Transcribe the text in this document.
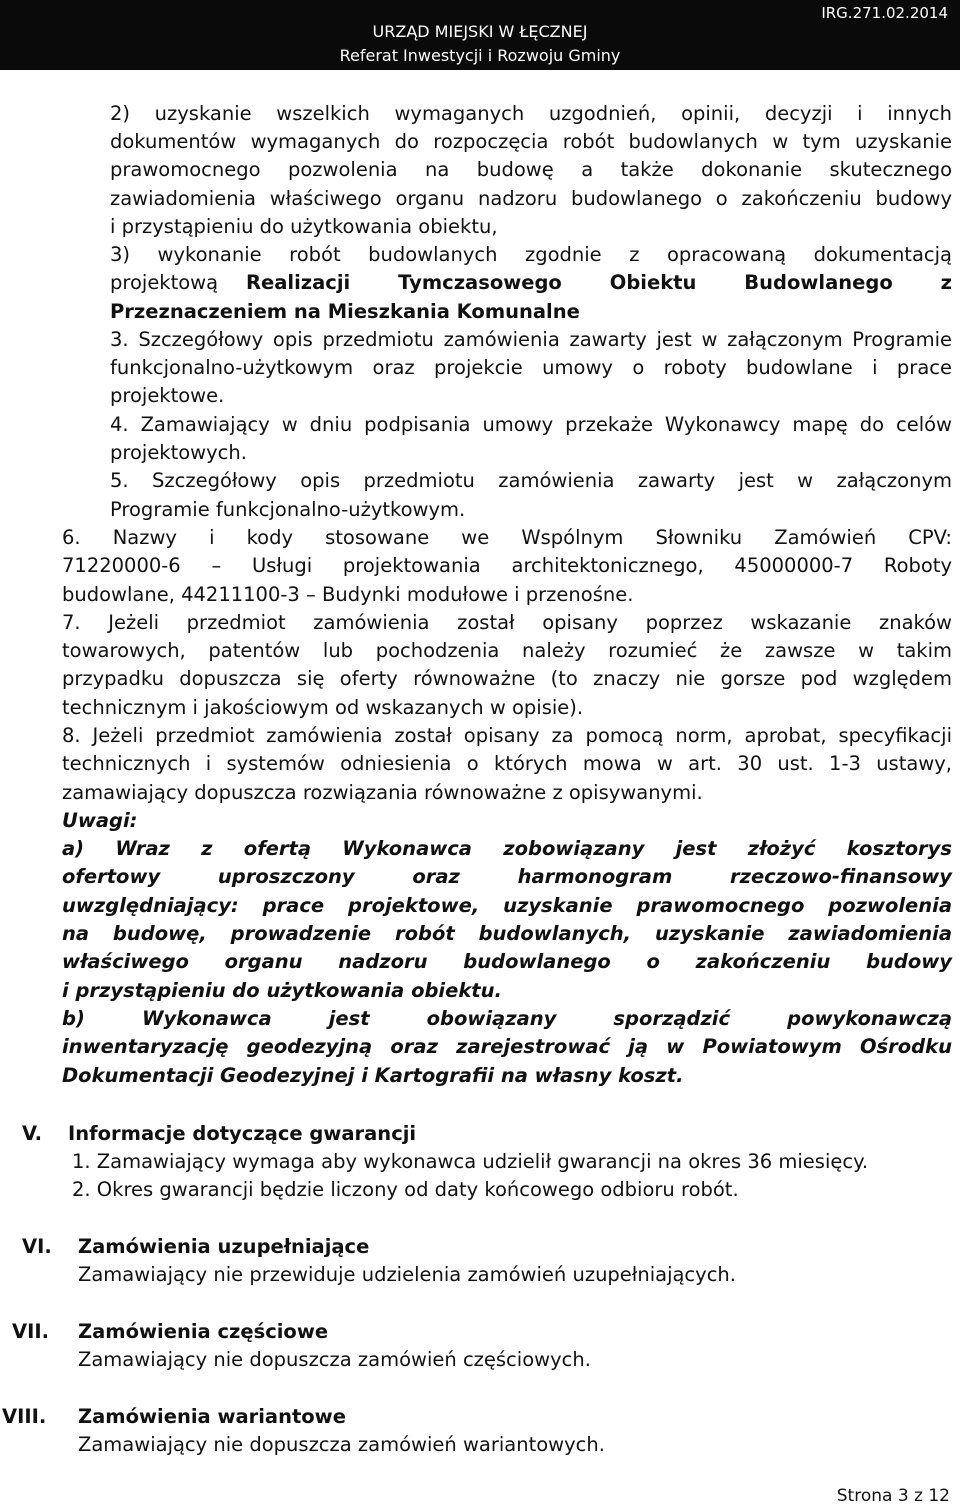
IRG.271.02.2014
URZĄD MIEJSKI W ŁĘCZNEJ
Referat Inwestycji i Rozwoju Gminy
2) uzyskanie wszelkich wymaganych uzgodnień, opinii, decyzji i innych
dokumentów wymaganych do rozpoczęcia robót budowlanych w tym uzyskanie
prawomocnego pozwolenia na budowę a także dokonanie skutecznego
zawiadomienia właściwego organu nadzoru budowlanego o zakończeniu budowy
i przystąpieniu do użytkowania obiektu,
3) wykonanie robót budowlanych zgodnie z opracowaną dokumentacją
projektową Realizacji Tymczasowego Obiektu Budowlanego z
Przeznaczeniem na Mieszkania Komunalne
3. Szczegółowy opis przedmiotu zamówienia zawarty jest w załączonym Programie
funkcjonalno-użytkowym oraz projekcie umowy o roboty budowlane i prace
projektowe.
4. Zamawiający w dniu podpisania umowy przekaże Wykonawcy mapę do celów
projektowych.
5. Szczegółowy opis przedmiotu zamówienia zawarty jest w załączonym
Programie funkcjonalno-użytkowym.
6. Nazwy i kody stosowane we Wspólnym Słowniku Zamówień CPV:
71220000-6 – Usługi projektowania architektonicznego, 45000000-7 Roboty
budowlane, 44211100-3 – Budynki modułowe i przenośne.
7. Jeżeli przedmiot zamówienia został opisany poprzez wskazanie znaków
towarowych, patentów lub pochodzenia należy rozumieć że zawsze w takim
przypadku dopuszcza się oferty równoważne (to znaczy nie gorsze pod względem
technicznym i jakościowym od wskazanych w opisie).
8. Jeżeli przedmiot zamówienia został opisany za pomocą norm, aprobat, specyfikacji
technicznych i systemów odniesienia o których mowa w art. 30 ust. 1-3 ustawy,
zamawiający dopuszcza rozwiązania równoważne z opisywanymi.
Uwagi:
a) Wraz z ofertą Wykonawca zobowiązany jest złożyć kosztorys
ofertowy uproszczony oraz harmonogram rzeczowo-finansowy
uwzględniający: prace projektowe, uzyskanie prawomocnego pozwolenia
na budowę, prowadzenie robót budowlanych, uzyskanie zawiadomienia
właściwego organu nadzoru budowlanego o zakończeniu budowy
i przystąpieniu do użytkowania obiektu.
b) Wykonawca jest obowiązany sporządzić powykonawczą
inwentaryzację geodezyjną oraz zarejestrować ją w Powiatowym Ośrodku
Dokumentacji Geodezyjnej i Kartografii na własny koszt.
V. Informacje dotyczące gwarancji
1. Zamawiający wymaga aby wykonawca udzielił gwarancji na okres 36 miesięcy.
2. Okres gwarancji będzie liczony od daty końcowego odbioru robót.
VI. Zamówienia uzupełniające
Zamawiający nie przewiduje udzielenia zamówień uzupełniających.
VII. Zamówienia częściowe
Zamawiający nie dopuszcza zamówień częściowych.
VIII. Zamówienia wariantowe
Zamawiający nie dopuszcza zamówień wariantowych.
Strona 3 z 12
